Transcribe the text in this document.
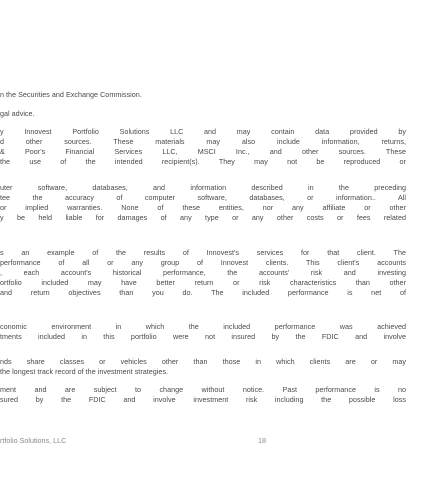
n the Securities and Exchange Commission.
gal advice.
y Innovest Portfolio Solutions LLC and may contain data provided by
d other sources. These materials may also include information, returns,
& Poor's Financial Services LLC, MSCI Inc., and other sources. These
the use of the intended recipient(s). They may not be reproduced or
uter software, databases, and information described in the preceding
tee the accuracy of computer software, databases, or information.. All
or implied warranties. None of these entities, nor any affiliate or other
y be held liable for damages of any type or any other costs or fees related
s an example of the results of Innovest's services for that client. The
performance of all or any group of Innovest clients. This client's accounts
, each account's historical performance, the accounts' risk and investing
ortfolio included may have better return or risk characteristics than other
and return objectives than you do. The included performance is net of
conomic environment in which the included performance was achieved
tments included in this portfolio were not insured by the FDIC and involve
nds share classes or vehicles other than those in which clients are or may
the longest track record of the investment strategies.
ment and are subject to change without notice. Past performance is no
sured by the FDIC and involve investment risk including the possible loss
rtfolio Solutions, LLC	18
